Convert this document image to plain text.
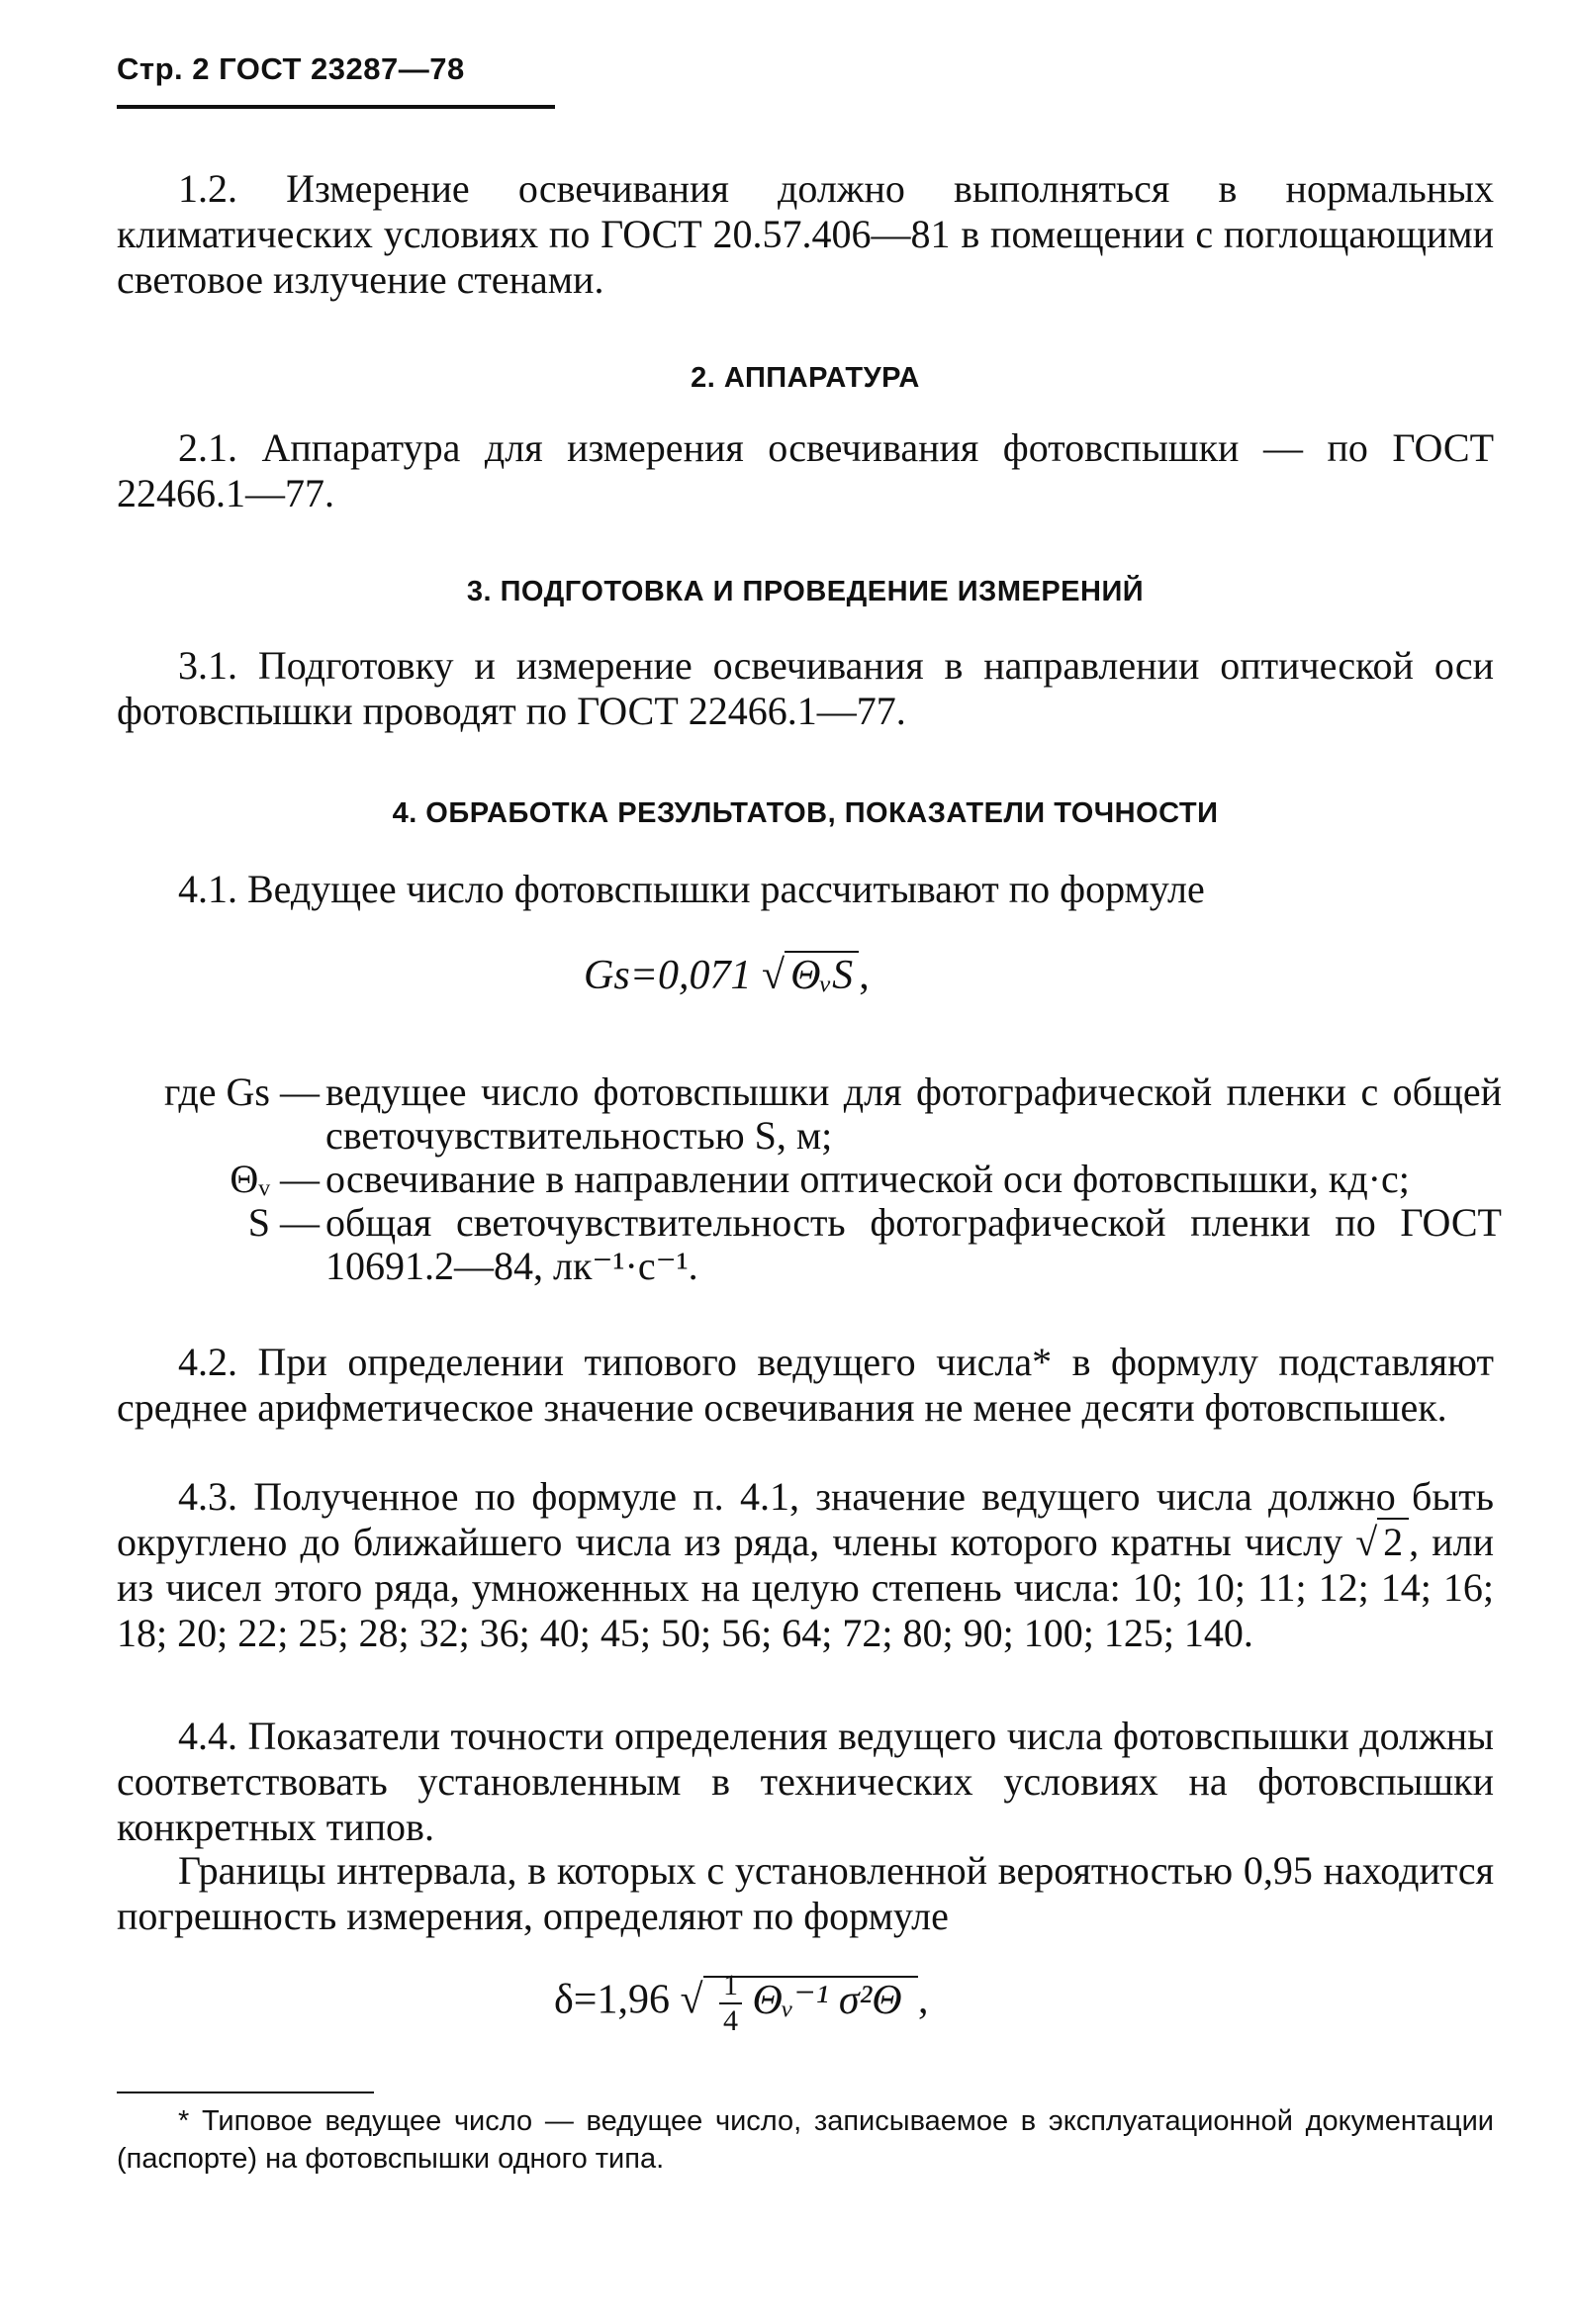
Стр. 2 ГОСТ 23287—78
1.2. Измерение освечивания должно выполняться в нормальных климатических условиях по ГОСТ 20.57.406—81 в помещении с поглощающими световое излучение стенами.
2. АППАРАТУРА
2.1. Аппаратура для измерения освечивания фотовспышки — по ГОСТ 22466.1—77.
3. ПОДГОТОВКА И ПРОВЕДЕНИЕ ИЗМЕРЕНИЙ
3.1. Подготовку и измерение освечивания в направлении оптической оси фотовспышки проводят по ГОСТ 22466.1—77.
4. ОБРАБОТКА РЕЗУЛЬТАТОВ, ПОКАЗАТЕЛИ ТОЧНОСТИ
4.1. Ведущее число фотовспышки рассчитывают по формуле
Gs=0,071 √ ΘᵥS ,
где Gs — ведущее число фотовспышки для фотографической пленки с общей светочувствительностью S, м;
Θᵥ — освечивание в направлении оптической оси фотовспышки, кд·с;
S — общая светочувствительность фотографической пленки по ГОСТ 10691.2—84, лк⁻¹·с⁻¹.
4.2. При определении типового ведущего числа* в формулу подставляют среднее арифметическое значение освечивания не менее десяти фотовспышек.
4.3. Полученное по формуле п. 4.1, значение ведущего числа должно быть округлено до ближайшего числа из ряда, члены которого кратны числу √ 2 , или из чисел этого ряда, умноженных на целую степень числа: 10; 10; 11; 12; 14; 16; 18; 20; 22; 25; 28; 32; 36; 40; 45; 50; 56; 64; 72; 80; 90; 100; 125; 140.
4.4. Показатели точности определения ведущего числа фотовспышки должны соответствовать установленным в технических условиях на фотовспышки конкретных типов.
Границы интервала, в которых с установленной вероятностью 0,95 находится погрешность измерения, определяют по формуле
δ=1,96 √ $\frac{1}{4}$ Θᵥ⁻¹ σ²Θ ,
* Типовое ведущее число — ведущее число, записываемое в эксплуатационной документации (паспорте) на фотовспышки одного типа.
